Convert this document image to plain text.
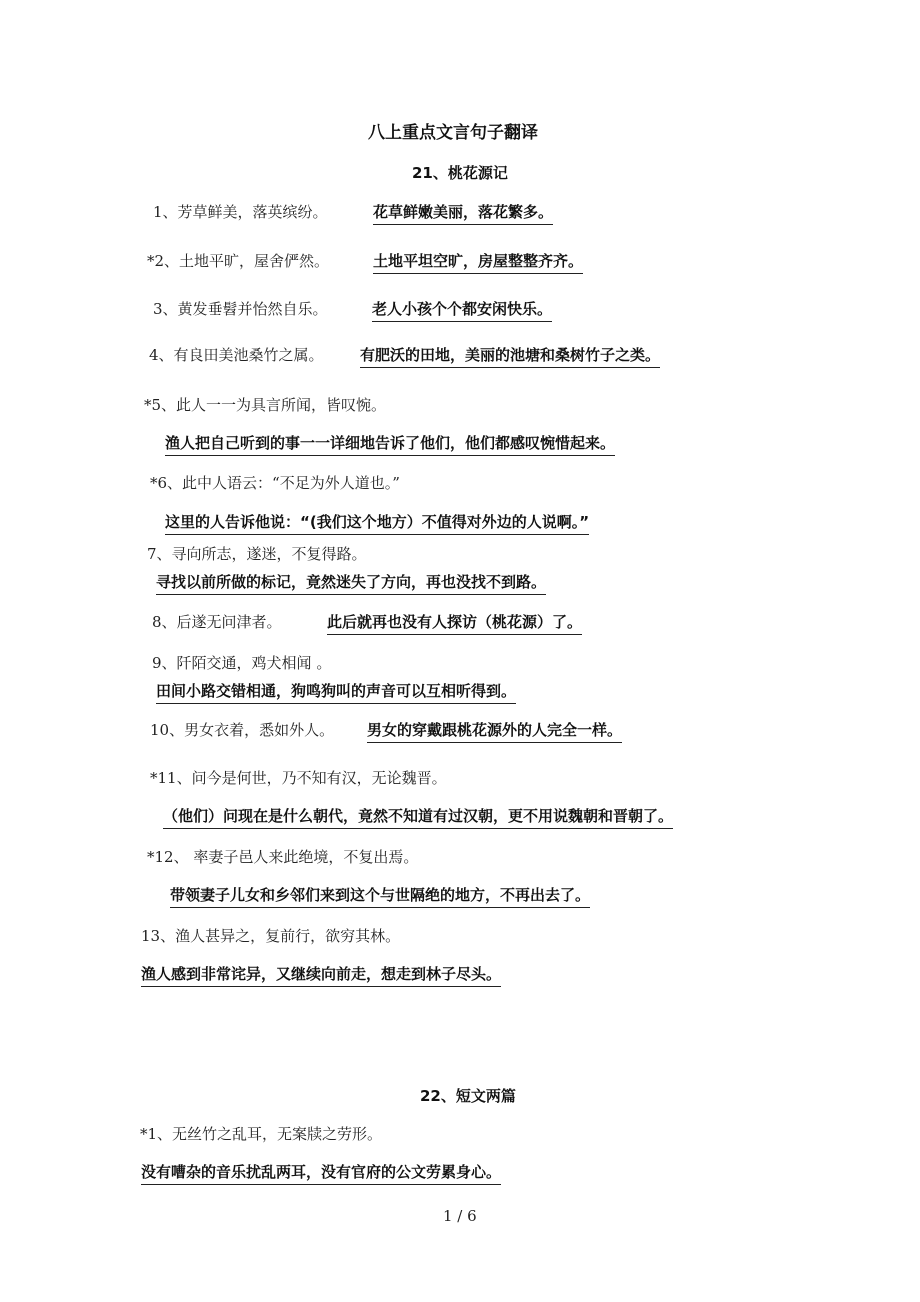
八上重点文言句子翻译
21、桃花源记
1、芳草鲜美，落英缤纷。	花草鲜嫩美丽，落花繁多。
*2、土地平旷，屋舍俨然。	土地平坦空旷，房屋整整齐齐。
3、黄发垂髫并怡然自乐。	老人小孩个个都安闲快乐。
4、有良田美池桑竹之属。 有肥沃的田地，美丽的池塘和桑树竹子之类。
*5、此人一一为具言所闻，皆叹惋。
渔人把自己听到的事一一详细地告诉了他们，他们都感叹惋惜起来。
*6、此中人语云：“不足为外人道也。”
这里的人告诉他说：“(我们这个地方）不值得对外边的人说啊。”
7、寻向所志，遂迷，不复得路。
寻找以前所做的标记，竟然迷失了方向，再也没找不到路。
8、后遂无问津者。	此后就再也没有人探访（桃花源）了。
9、阡陌交通，鸡犬相闻 。
田间小路交错相通，狗鸣狗叫的声音可以互相听得到。
10、男女衣着，悉如外人。 男女的穿戴跟桃花源外的人完全一样。
*11、问今是何世，乃不知有汉，无论魏晋。
（他们）问现在是什么朝代，竟然不知道有过汉朝，更不用说魏朝和晋朝了。
*12、 率妻子邑人来此绝境，不复出焉。
带领妻子儿女和乡邻们来到这个与世隔绝的地方，不再出去了。
13、渔人甚异之，复前行，欲穷其林。
渔人感到非常诧异，又继续向前走，想走到林子尽头。
22、短文两篇
*1、无丝竹之乱耳，无案牍之劳形。
没有嘈杂的音乐扰乱两耳，没有官府的公文劳累身心。
1 / 6
